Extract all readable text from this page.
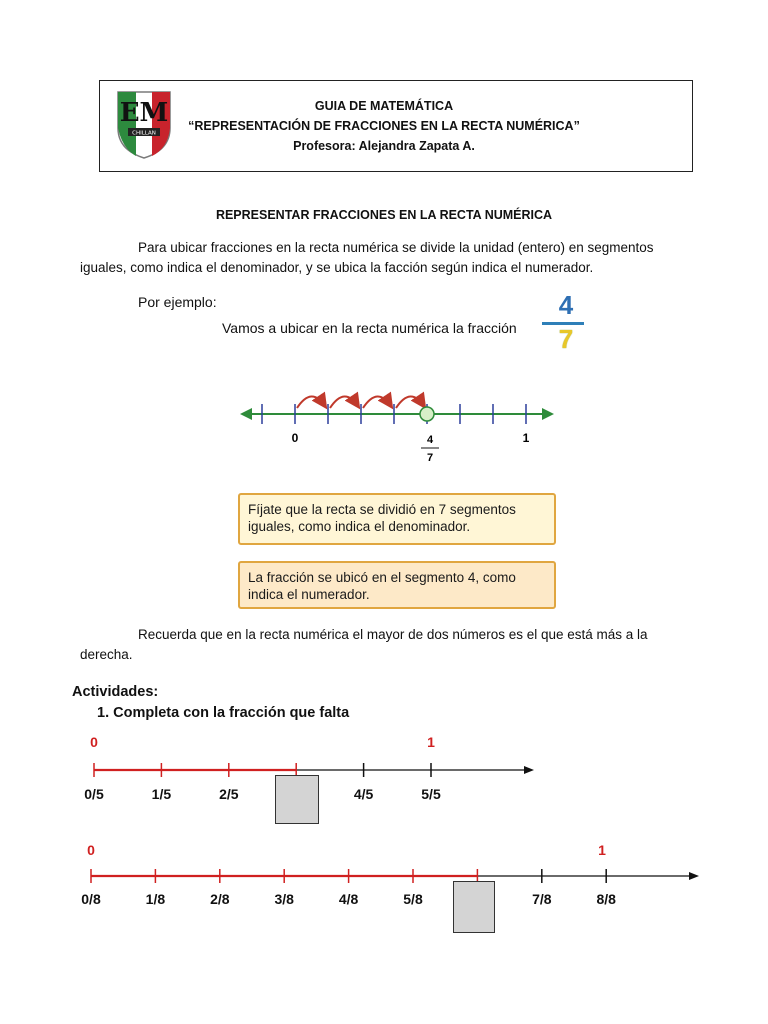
EM
CHILLAN
GUIA DE MATEMÁTICA
“REPRESENTACIÓN DE FRACCIONES EN LA RECTA NUMÉRICA”
Profesora: Alejandra Zapata A.
REPRESENTAR FRACCIONES EN LA RECTA NUMÉRICA
Para ubicar fracciones en la recta numérica se divide la unidad (entero) en segmentos
iguales, como indica el denominador, y se ubica la facción según indica el numerador.
Por ejemplo:
Vamos a ubicar en la recta numérica la fracción
4
7
0	1
4
7
Fíjate que la recta se dividió en 7 segmentos iguales, como indica el denominador.
La fracción se ubicó en el segmento 4, como indica el numerador.
Recuerda que en la recta numérica el mayor de dos números es el que está más a la
derecha.
Actividades:
1. Completa con la fracción que falta
0	1
0/5	1/5	2/5	4/5	5/5
0	1
0/8	1/8	2/8	3/8	4/8	5/8	7/8	8/8
